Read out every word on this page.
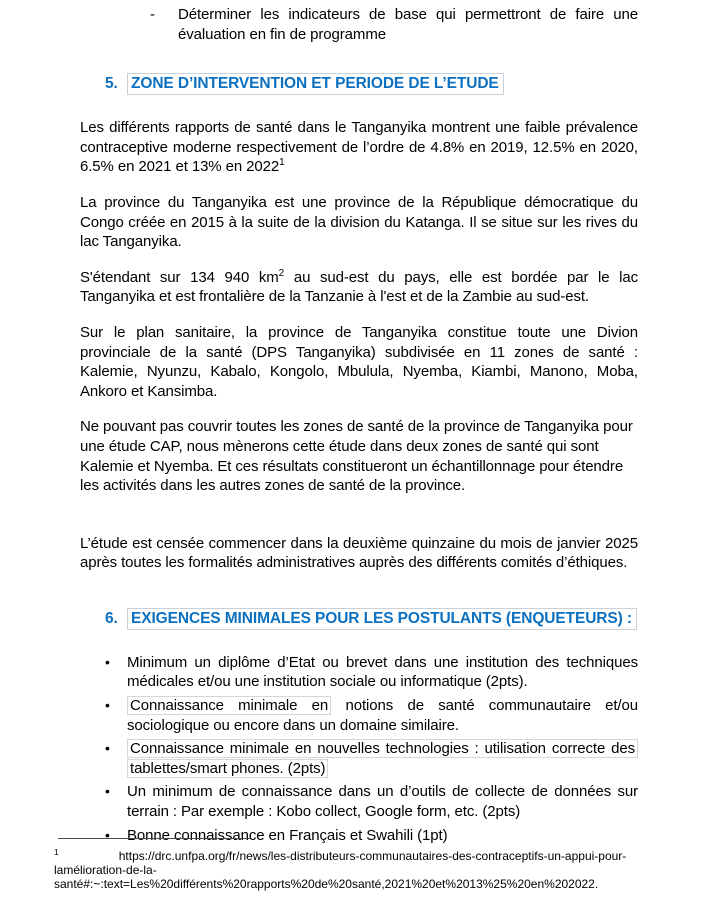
-	Déterminer les indicateurs de base qui permettront de faire une évaluation en fin de programme
5. ZONE D’INTERVENTION ET PERIODE DE L’ETUDE
Les différents rapports de santé dans le Tanganyika montrent une faible prévalence contraceptive moderne respectivement de l’ordre de 4.8% en 2019, 12.5% en 2020, 6.5% en 2021 et 13% en 2022$^1$
La province du Tanganyika est une province de la République démocratique du Congo créée en 2015 à la suite de la division du Katanga. Il se situe sur les rives du lac Tanganyika.
S'étendant sur 134 940 km$^2$ au sud-est du pays, elle est bordée par le lac Tanganyika et est frontalière de la Tanzanie à l'est et de la Zambie au sud-est.
Sur le plan sanitaire, la province de Tanganyika constitue toute une Divion provinciale de la santé (DPS Tanganyika) subdivisée en 11 zones de santé : Kalemie, Nyunzu, Kabalo, Kongolo, Mbulula, Nyemba, Kiambi, Manono, Moba, Ankoro et Kansimba.
Ne pouvant pas couvrir toutes les zones de santé de la province de Tanganyika pour une étude CAP, nous mènerons cette étude dans deux zones de santé qui sont Kalemie et Nyemba. Et ces résultats constitueront un échantillonnage pour étendre les activités dans les autres zones de santé de la province.
L’étude est censée commencer dans la deuxième quinzaine du mois de janvier 2025 après toutes les formalités administratives auprès des différents comités d’éthiques.
6. EXIGENCES MINIMALES POUR LES POSTULANTS (ENQUETEURS) :
•	Minimum un diplôme d’Etat ou brevet dans une institution des techniques médicales et/ou une institution sociale ou informatique (2pts).
•	Connaissance minimale en notions de santé communautaire et/ou sociologique ou encore dans un domaine similaire.
•	Connaissance minimale en nouvelles technologies : utilisation correcte des tablettes/smart phones. (2pts)
•	Un minimum de connaissance dans un d’outils de collecte de données sur terrain : Par exemple : Kobo collect, Google form, etc. (2pts)
•	Bonne connaissance en Français et Swahili (1pt)
$^1$	https://drc.unfpa.org/fr/news/les-distributeurs-communautaires-des-contraceptifs-un-appui-pour-
lamélioration-de-la-
santé#:~:text=Les%20différents%20rapports%20de%20santé,2021%20et%2013%25%20en%202022.
